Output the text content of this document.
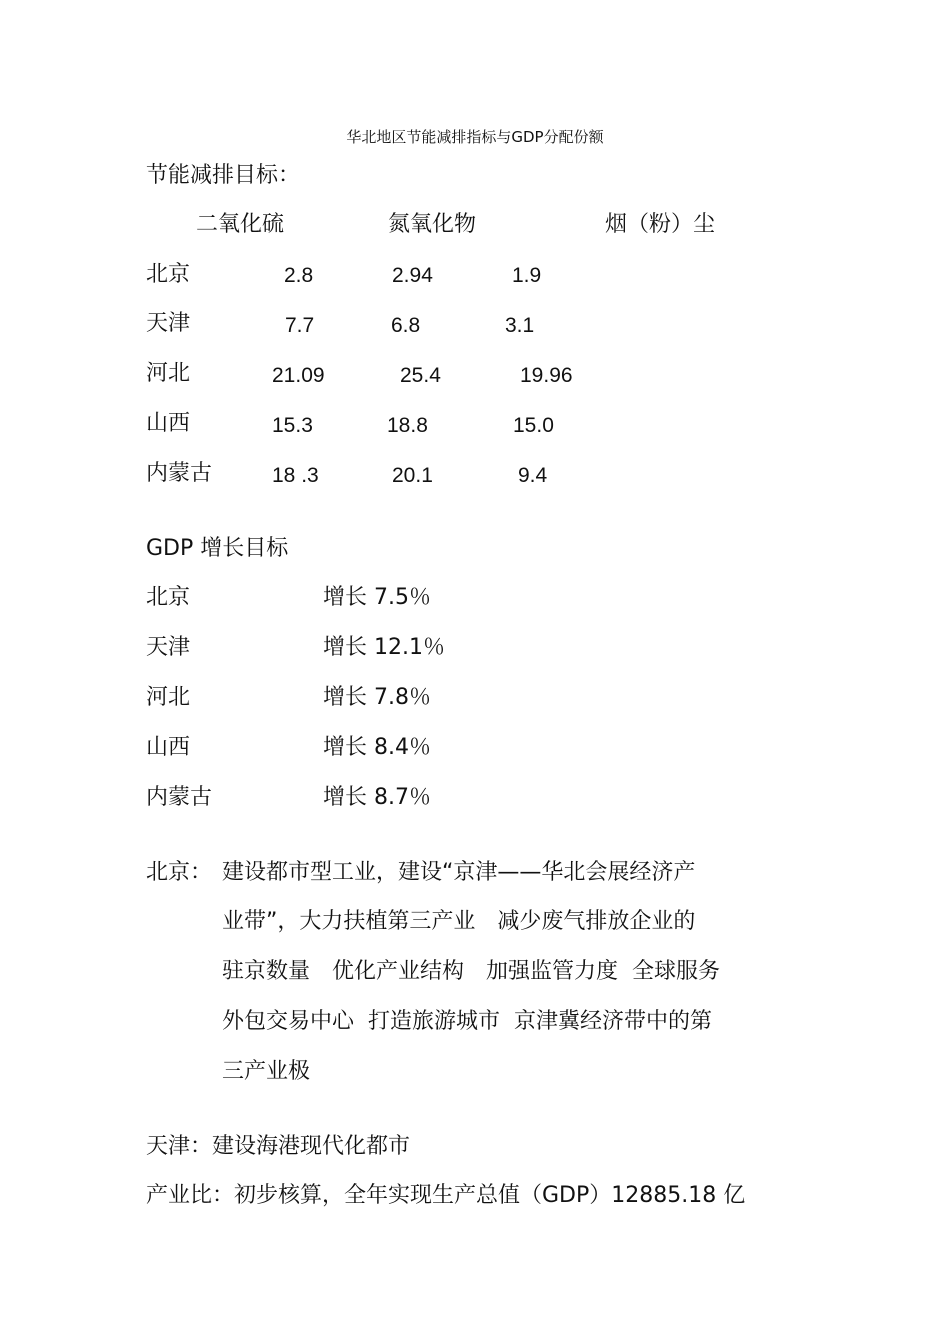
华北地区节能减排指标与GDP分配份额
节能减排目标：
二氧化硫	氮氧化物	烟（粉）尘
北京	2.8	2.94	1.9
天津	7.7	6.8	3.1
河北	21.09	25.4	19.96
山西	15.3	18.8	15.0
内蒙古	18 .3	20.1	9.4
GDP 增长目标
北京	增长 7.5％
天津	增长 12.1％
河北	增长 7.8％
山西	增长 8.4％
内蒙古	增长 8.7％
北京： 建设都市型工业，建设“京津——华北会展经济产
业带”，大力扶植第三产业　减少废气排放企业的
驻京数量　优化产业结构　加强监管力度  全球服务
外包交易中心  打造旅游城市  京津冀经济带中的第
三产业极
天津：建设海港现代化都市
产业比：初步核算，全年实现生产总值（GDP）12885.18 亿
